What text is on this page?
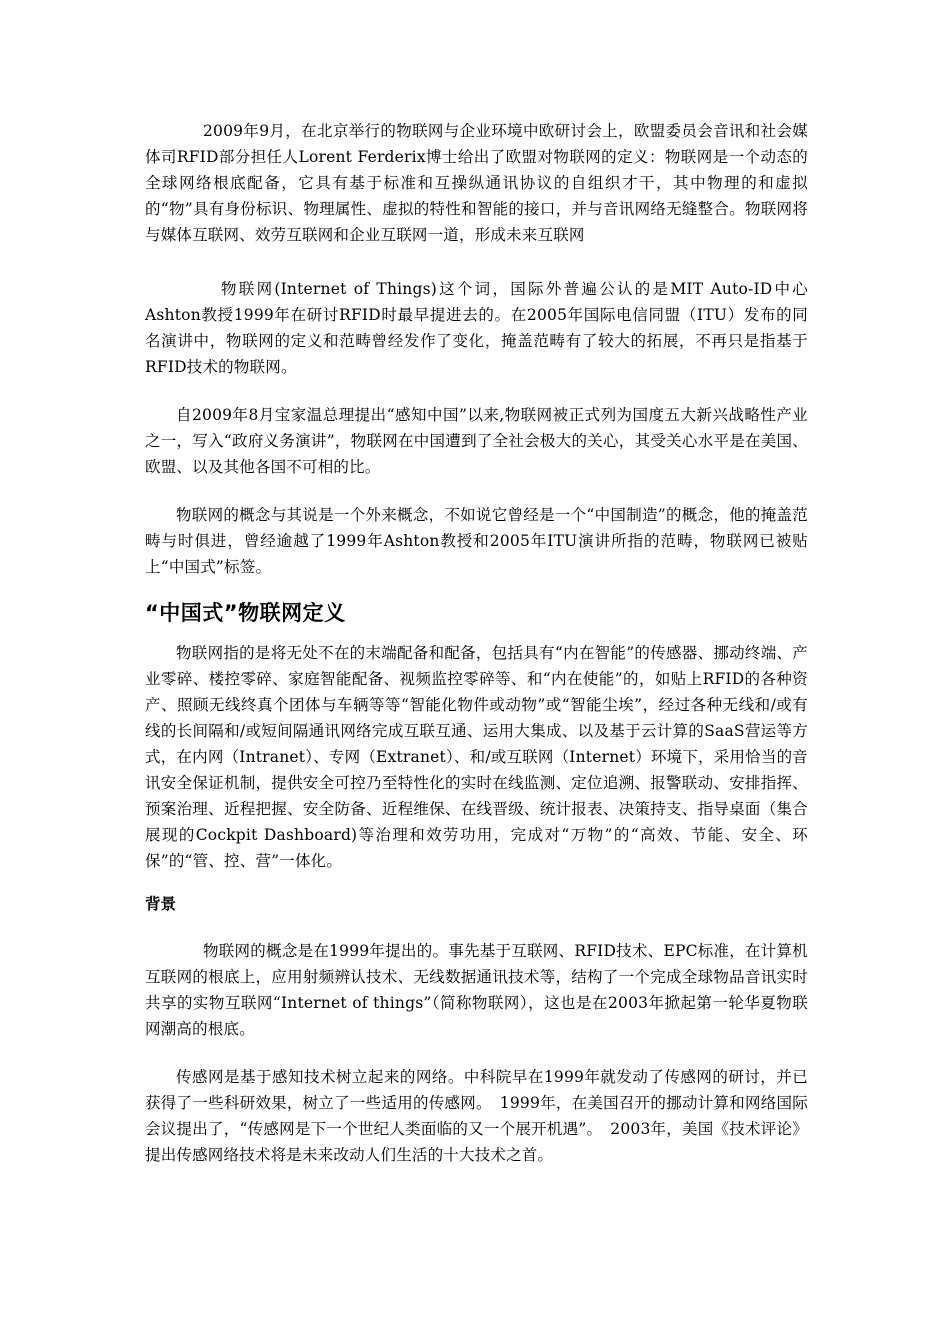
2009年9月，在北京举行的物联网与企业环境中欧研讨会上，欧盟委员会音讯和社会媒体司RFID部分担任人Lorent Ferderix博士给出了欧盟对物联网的定义：物联网是一个动态的全球网络根底配备，它具有基于标准和互操纵通讯协议的自组织才干，其中物理的和虚拟的“物”具有身份标识、物理属性、虚拟的特性和智能的接口，并与音讯网络无缝整合。物联网将与媒体互联网、效劳互联网和企业互联网一道，形成未来互联网

物联网(Internet of Things)这个词，国际外普遍公认的是MIT Auto-ID中心Ashton教授1999年在研讨RFID时最早提进去的。在2005年国际电信同盟（ITU）发布的同名演讲中，物联网的定义和范畴曾经发作了变化，掩盖范畴有了较大的拓展，不再只是指基于RFID技术的物联网。

自2009年8月宝家温总理提出“感知中国”以来,物联网被正式列为国度五大新兴战略性产业之一，写入“政府义务演讲”，物联网在中国遭到了全社会极大的关心，其受关心水平是在美国、欧盟、以及其他各国不可相的比。

物联网的概念与其说是一个外来概念，不如说它曾经是一个“中国制造”的概念，他的掩盖范畴与时俱进，曾经逾越了1999年Ashton教授和2005年ITU演讲所指的范畴，物联网已被贴上“中国式”标签。

“中国式”物联网定义

物联网指的是将无处不在的末端配备和配备，包括具有“内在智能”的传感器、挪动终端、产业零碎、楼控零碎、家庭智能配备、视频监控零碎等、和“内在使能”的，如贴上RFID的各种资产、照顾无线终真个团体与车辆等等“智能化物件或动物”或“智能尘埃”，经过各种无线和/或有线的长间隔和/或短间隔通讯网络完成互联互通、运用大集成、以及基于云计算的SaaS营运等方式，在内网（Intranet）、专网（Extranet）、和/或互联网（Internet）环境下，采用恰当的音讯安全保证机制，提供安全可控乃至特性化的实时在线监测、定位追溯、报警联动、安排指挥、预案治理、近程把握、安全防备、近程维保、在线晋级、统计报表、决策持支、指导桌面（集合展现的Cockpit Dashboard)等治理和效劳功用，完成对“万物”的“高效、节能、安全、环保”的“管、控、营”一体化。

背景

物联网的概念是在1999年提出的。事先基于互联网、RFID技术、EPC标准，在计算机互联网的根底上，应用射频辨认技术、无线数据通讯技术等，结构了一个完成全球物品音讯实时共享的实物互联网“Internet of things”（简称物联网），这也是在2003年掀起第一轮华夏物联网潮高的根底。

传感网是基于感知技术树立起来的网络。中科院早在1999年就发动了传感网的研讨，并已获得了一些科研效果，树立了一些适用的传感网。　1999年，在美国召开的挪动计算和网络国际会议提出了，“传感网是下一个世纪人类面临的又一个展开机遇”。　2003年，美国《技术评论》提出传感网络技术将是未来改动人们生活的十大技术之首。
